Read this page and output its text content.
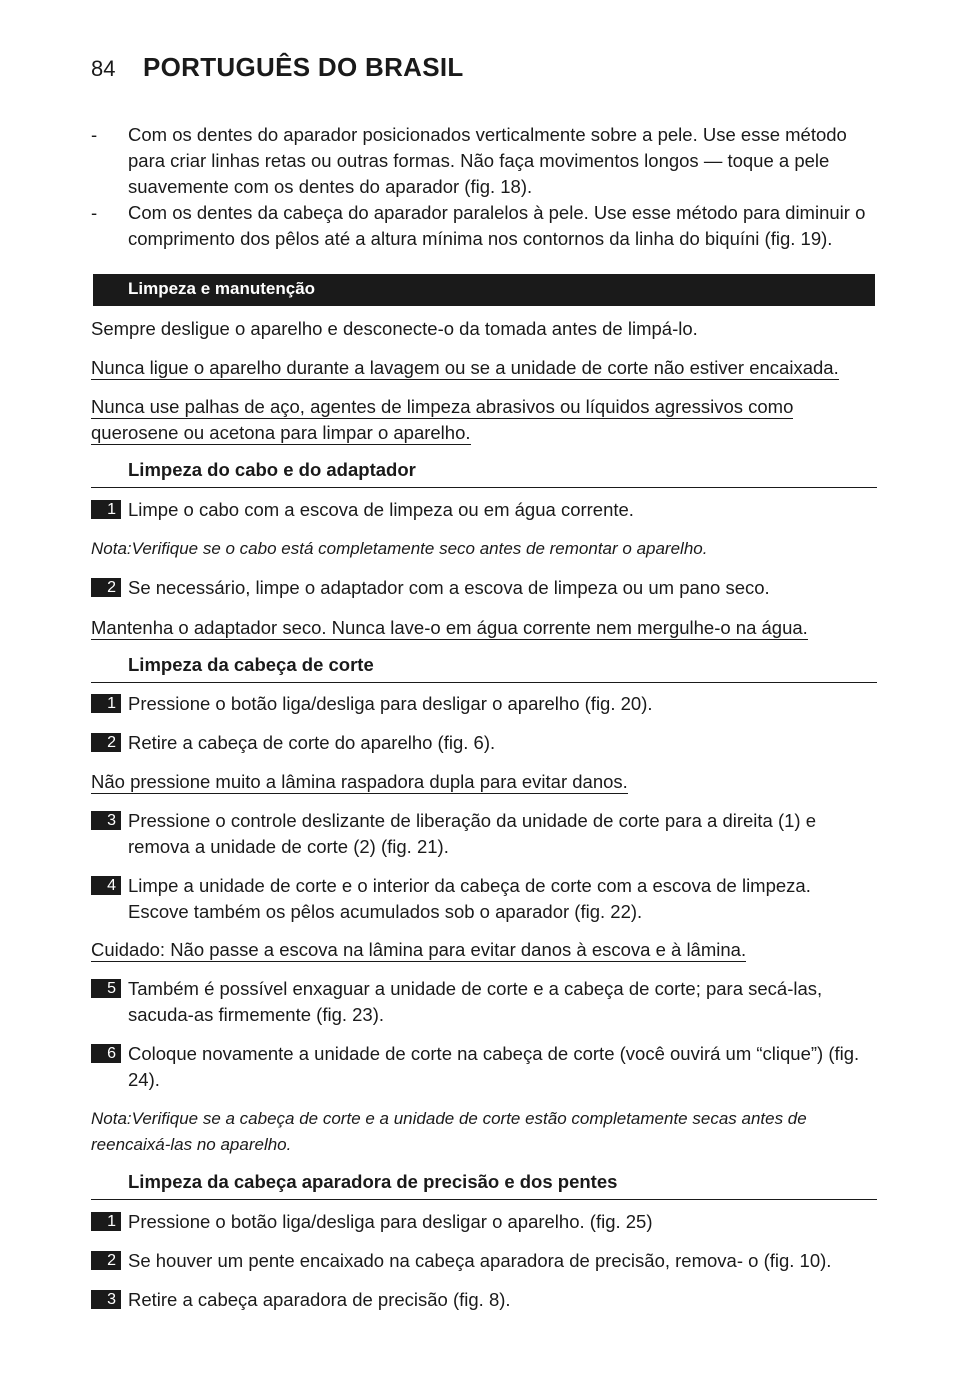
84 PORTUGUÊS DO BRASIL
- Com os dentes do aparador posicionados verticalmente sobre a pele. Use esse método para criar linhas retas ou outras formas. Não faça movimentos longos — toque a pele suavemente com os dentes do aparador (fig. 18).
- Com os dentes da cabeça do aparador paralelos à pele. Use esse método para diminuir o comprimento dos pêlos até a altura mínima nos contornos da linha do biquíni (fig. 19).
Limpeza e manutenção
Sempre desligue o aparelho e desconecte-o da tomada antes de limpá-lo.
Nunca ligue o aparelho durante a lavagem ou se a unidade de corte não estiver encaixada.
Nunca use palhas de aço, agentes de limpeza abrasivos ou líquidos agressivos como
querosene ou acetona para limpar o aparelho.
Limpeza do cabo e do adaptador
1 Limpe o cabo com a escova de limpeza ou em água corrente.
Nota:Verifique se o cabo está completamente seco antes de remontar o aparelho.
2 Se necessário, limpe o adaptador com a escova de limpeza ou um pano seco.
Mantenha o adaptador seco. Nunca lave-o em água corrente nem mergulhe-o na água.
Limpeza da cabeça de corte
1 Pressione o botão liga/desliga para desligar o aparelho (fig. 20).
2 Retire a cabeça de corte do aparelho (fig. 6).
Não pressione muito a lâmina raspadora dupla para evitar danos.
3 Pressione o controle deslizante de liberação da unidade de corte para a direita (1) e remova a unidade de corte (2) (fig. 21).
4 Limpe a unidade de corte e o interior da cabeça de corte com a escova de limpeza. Escove também os pêlos acumulados sob o aparador (fig. 22).
Cuidado: Não passe a escova na lâmina para evitar danos à escova e à lâmina.
5 Também é possível enxaguar a unidade de corte e a cabeça de corte; para secá-las, sacuda-as firmemente (fig. 23).
6 Coloque novamente a unidade de corte na cabeça de corte (você ouvirá um “clique”) (fig. 24).
Nota:Verifique se a cabeça de corte e a unidade de corte estão completamente secas antes de reencaixá-las no aparelho.
Limpeza da cabeça aparadora de precisão e dos pentes
1 Pressione o botão liga/desliga para desligar o aparelho. (fig. 25)
2 Se houver um pente encaixado na cabeça aparadora de precisão, remova- o (fig. 10).
3 Retire a cabeça aparadora de precisão (fig. 8).
